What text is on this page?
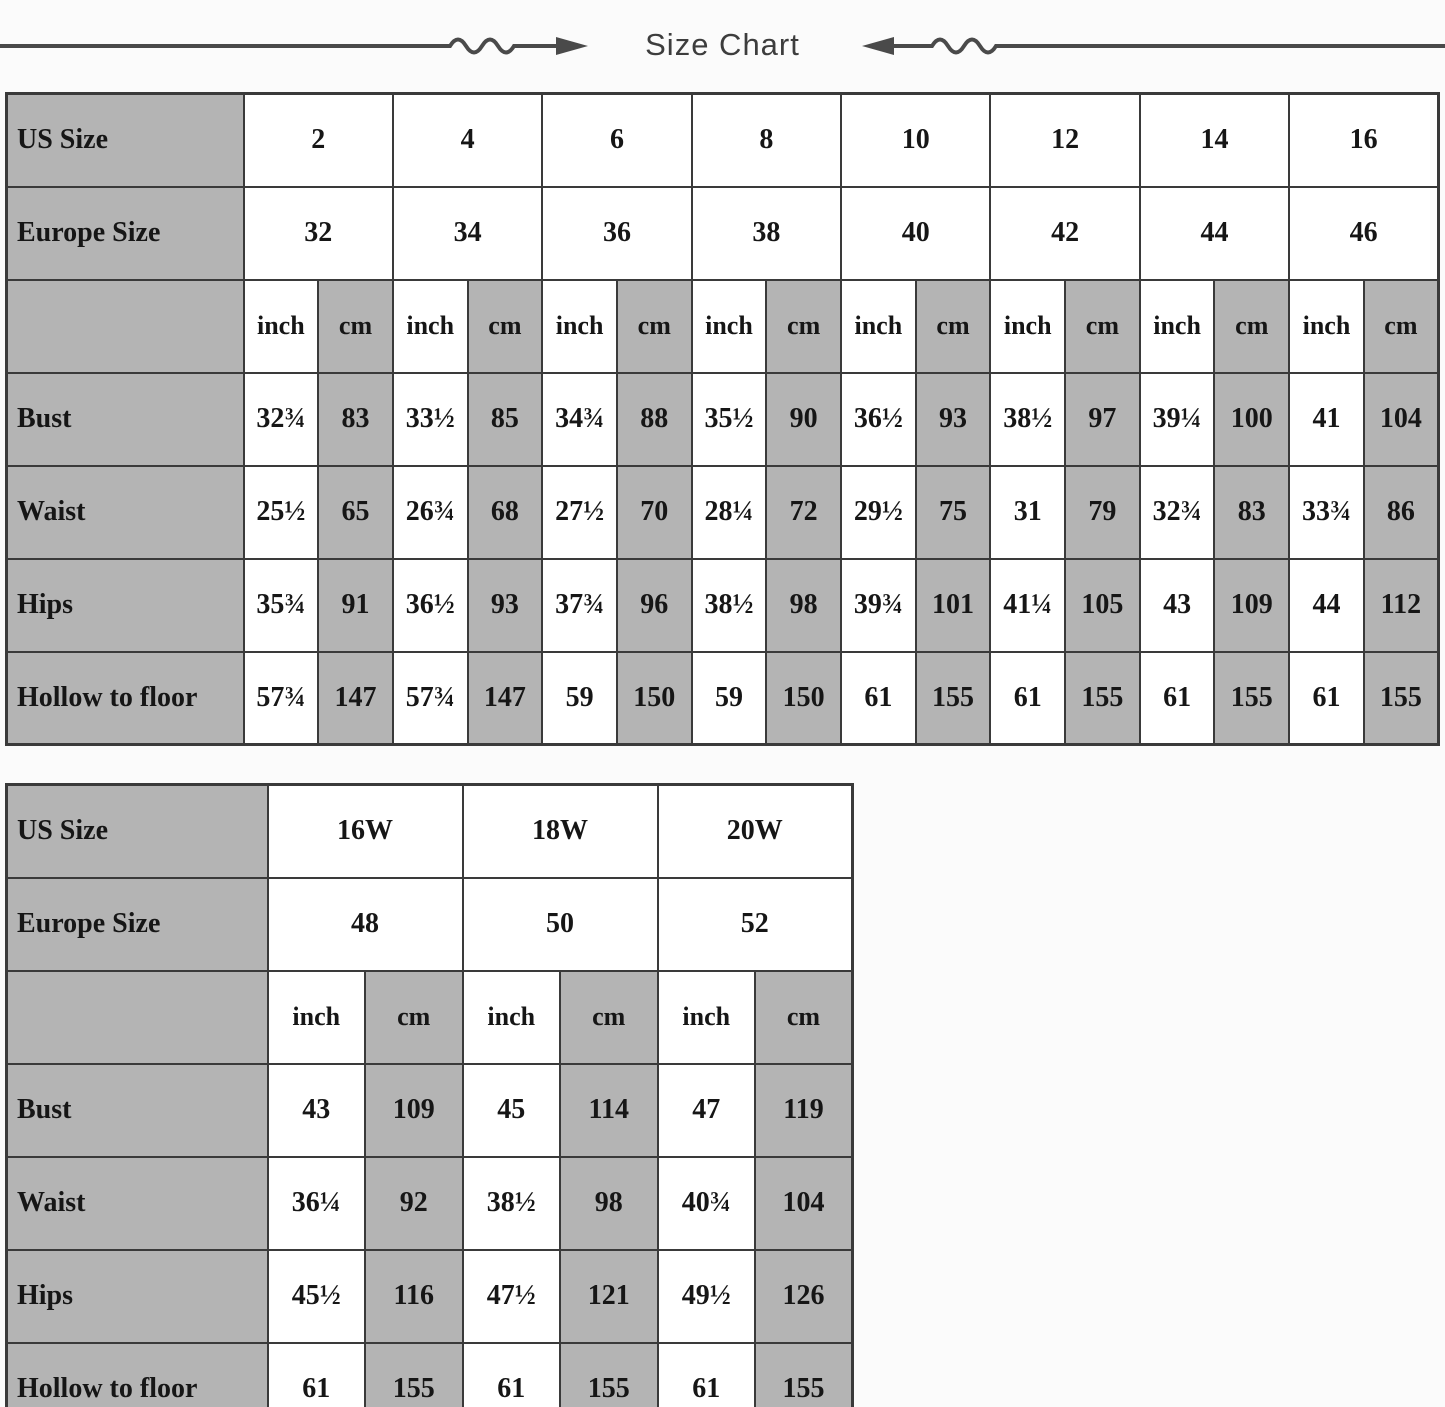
Size Chart
US Size	2		4		6		8		10		12		14		16	
Europe Size	32		34		36		38		40		42		44		46	
	inch	cm	inch	cm	inch	cm	inch	cm	inch	cm	inch	cm	inch	cm	inch	cm
Bust	32¾	83	33½	85	34¾	88	35½	90	36½	93	38½	97	39¼	100	41	104
Waist	25½	65	26¾	68	27½	70	28¼	72	29½	75	31	79	32¾	83	33¾	86
Hips	35¾	91	36½	93	37¾	96	38½	98	39¾	101	41¼	105	43	109	44	112
Hollow to floor	57¾	147	57¾	147	59	150	59	150	61	155	61	155	61	155	61	155
US Size	16W		18W		20W	
Europe Size	48		50		52	
	inch	cm	inch	cm	inch	cm
Bust	43	109	45	114	47	119
Waist	36¼	92	38½	98	40¾	104
Hips	45½	116	47½	121	49½	126
Hollow to floor	61	155	61	155	61	155
